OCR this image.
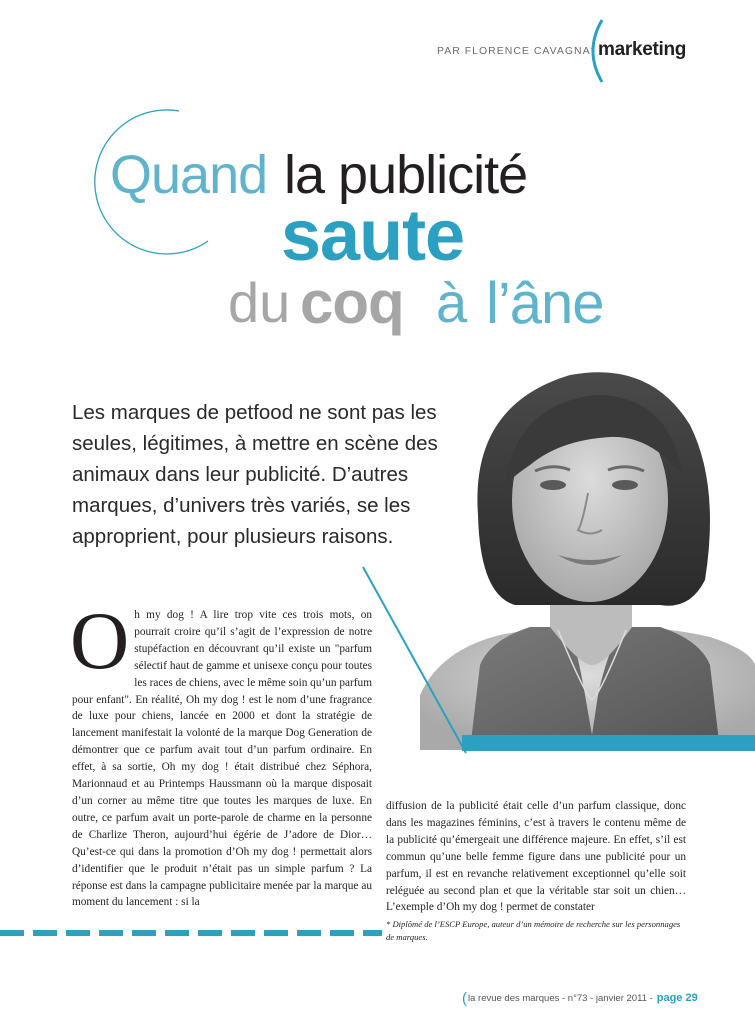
PAR FLORENCE CAVAGNA* marketing
Quand la publicité
saute
du coq à l’âne
Les marques de petfood ne sont pas les seules, légitimes, à mettre en scène des animaux dans leur publicité. D’autres marques, d’univers très variés, se les approprient, pour plusieurs raisons.
O h my dog ! A lire trop vite ces trois mots, on pourrait croire qu’il s’agit de l’expression de notre stupéfaction en découvrant qu’il existe un "parfum sélectif haut de gamme et unisexe conçu pour toutes les races de chiens, avec le même soin qu’un parfum pour enfant". En réalité, Oh my dog ! est le nom d’une fragrance de luxe pour chiens, lancée en 2000 et dont la stratégie de lancement manifestait la volonté de la marque Dog Generation de démontrer que ce parfum avait tout d’un parfum ordinaire. En effet, à sa sortie, Oh my dog ! était distribué chez Séphora, Marionnaud et au Printemps Haussmann où la marque disposait d’un corner au même titre que toutes les marques de luxe. En outre, ce parfum avait un porte-parole de charme en la personne de Charlize Theron, aujourd’hui égérie de J’adore de Dior… Qu’est-ce qui dans la promotion d’Oh my dog ! permettait alors d’identifier que le produit n’était pas un simple parfum ? La réponse est dans la campagne publicitaire menée par la marque au moment du lancement : si la
diffusion de la publicité était celle d’un parfum classique, donc dans les magazines féminins, c’est à travers le contenu même de la publicité qu’émergeait une différence majeure. En effet, s’il est commun qu’une belle femme figure dans une publicité pour un parfum, il est en revanche relativement exceptionnel qu’elle soit reléguée au second plan et que la véritable star soit un chien… L’exemple d’Oh my dog ! permet de constater
* Diplômé de l’ESCP Europe, auteur d’un mémoire de recherche sur les personnages de marques.
(la revue des marques - n°73 - janvier 2011 - page 29
